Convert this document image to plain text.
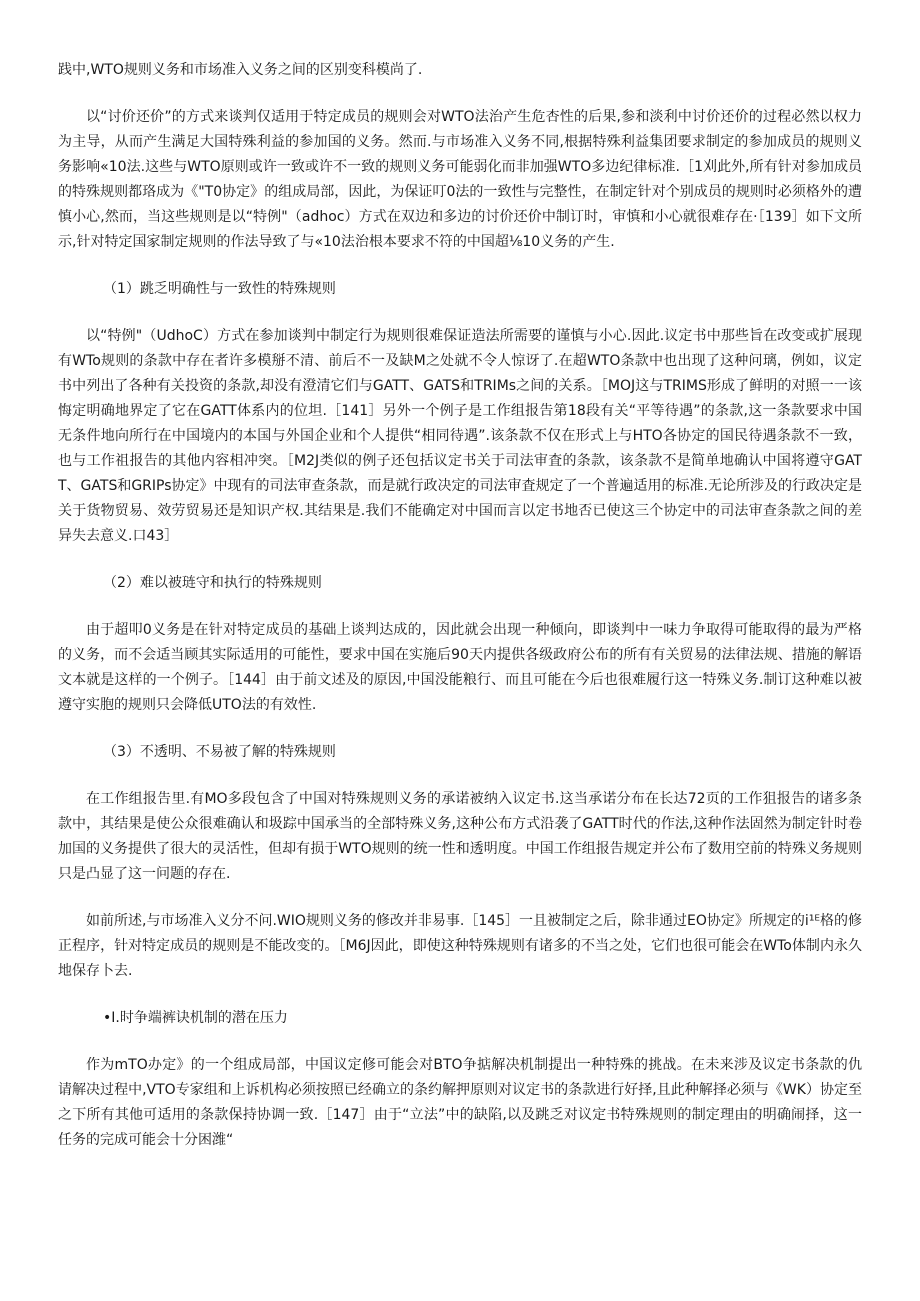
践中,WTO规则义务和市场准入义务之间的区别变科模尚了.

以“讨价还价”的方式来谈判仅适用于特定成员的规则会对WTO法治产生危杏性的后果,参和淡利中讨价还价的过程必然以权力为主导，从而产生满足大国特殊利益的参加国的义务。然而.与市场准入义务不同,根据特殊利益集团要求制定的参加成员的规则义务影响«10法.这些与WTO原则或许一致或许不一致的规则义务可能弱化而非加强WTO多边纪律标准.［1刈此外,所有针对参加成员的特殊规则都珞成为《"T0协定》的组成局部，因此，为保证叮0法的一致性与完整性，在制定针对个别成员的规则时必须格外的遭慎小心,然而，当这些规则是以“特例"（adhoc）方式在双边和多边的讨价还价中制订时，审慎和小心就很难存在·［139］如下文所示,针对特定国家制定规则的作法导致了与«10法治根本要求不符的中国超⅛10义务的产生.

（1）跳乏明确性与一致性的特殊规则

以“特例"（UdhoC）方式在参加谈判中制定行为规则很难保证造法所需要的谨慎与小心.因此.议定书中那些旨在改变或扩展现有WTo规则的条款中存在者许多模掰不清、前后不一及缺M之处就不令人惊讶了.在超WTO条款中也出现了这种问璃，例如，议定书中列出了各种有关投资的条款,却没有澄清它们与GATT、GATS和TRIMs之间的关系。［MOJ这与TRIMS形成了鲜明的对照一一该悔定明确地界定了它在GATT体系内的位坦.［141］另外一个例子是工作组报告第18段有关“平等待遇”的条款,这一条款要求中国无条件地向所行在中国境内的本国与外国企业和个人提供“相同待遇”.该条款不仅在形式上与HTO各协定的国民待遇条款不一致，也与工作祖报告的其他内容相冲突。［M2J类似的例子还包括议定书关于司法审査的条款，该条款不是简单地确认中国将遵守GATT、GATS和GRIPs协定》中现有的司法审查条款，而是就行政决定的司法审査规定了一个普遍适用的标准.无论所涉及的行政决定是关于货物贸易、效劳贸易还是知识产权.其结果是.我们不能确定对中国而言以定书地否已使这三个协定中的司法审查条款之间的差异失去意义.口43］

（2）难以被琏守和执行的特殊规则

由于超叩0义务是在针对特定成员的基础上谈判达成的，因此就会出现一种倾向，即谈判中一味力争取得可能取得的最为严格的义务，而不会适当顾其实际适用的可能性，要求中国在实施后90天内提供各级政府公布的所有有关贸易的法律法规、措施的解语文本就是这样的一个例子。［144］由于前文述及的原因,中国没能粮行、而且可能在今后也很难履行这一特殊义务.制订这种难以被遵守实胞的规则只会降低UTO法的有效性.

（3）不透明、不易被了解的特殊规则

在工作组报告里.有MO多段包含了中国对特殊规则义务的承诺被纳入议定书.这当承诺分布在长达72页的工作狙报告的诸多条款中，其结果是使公众很难确认和圾踪中国承当的全部特殊义务,这种公布方式沿袭了GATT时代的作法,这种作法固然为制定针时卷加国的义务提供了很大的灵活性，但却有损于WTO规则的统一性和透明度。中国工作组报告规定并公布了数用空前的特殊义务规则只是凸显了这一问题的存在.

如前所述,与市场准入义分不问.WIO规则义务的修改并非易事.［145］一且被制定之后，除非通过EO协定》所规定的i¹ᴱ格的修正程序，针对特定成员的规则是不能改变的。［M6J因此，即使这种特殊规则有诸多的不当之处，它们也很可能会在WTo体制内永久地保存卜去.

•I.时争端裤诀机制的潜在压力

作为mTO办定》的一个组成局部，中国议定修可能会对BTO争掂解决机制提出一种特殊的挑战。在未来涉及议定书条款的仇请解决过程中,VTO专家组和上诉机构必须按照已经确立的条约解押原则对议定书的条款进行好择,且此种解择必须与《WK）协定至之下所有其他可适用的条款保持协调一致.［147］由于“立法”中的缺陷,以及跳乏对议定书特殊规则的制定理由的明确闹择，这一任务的完成可能会十分困潍“
